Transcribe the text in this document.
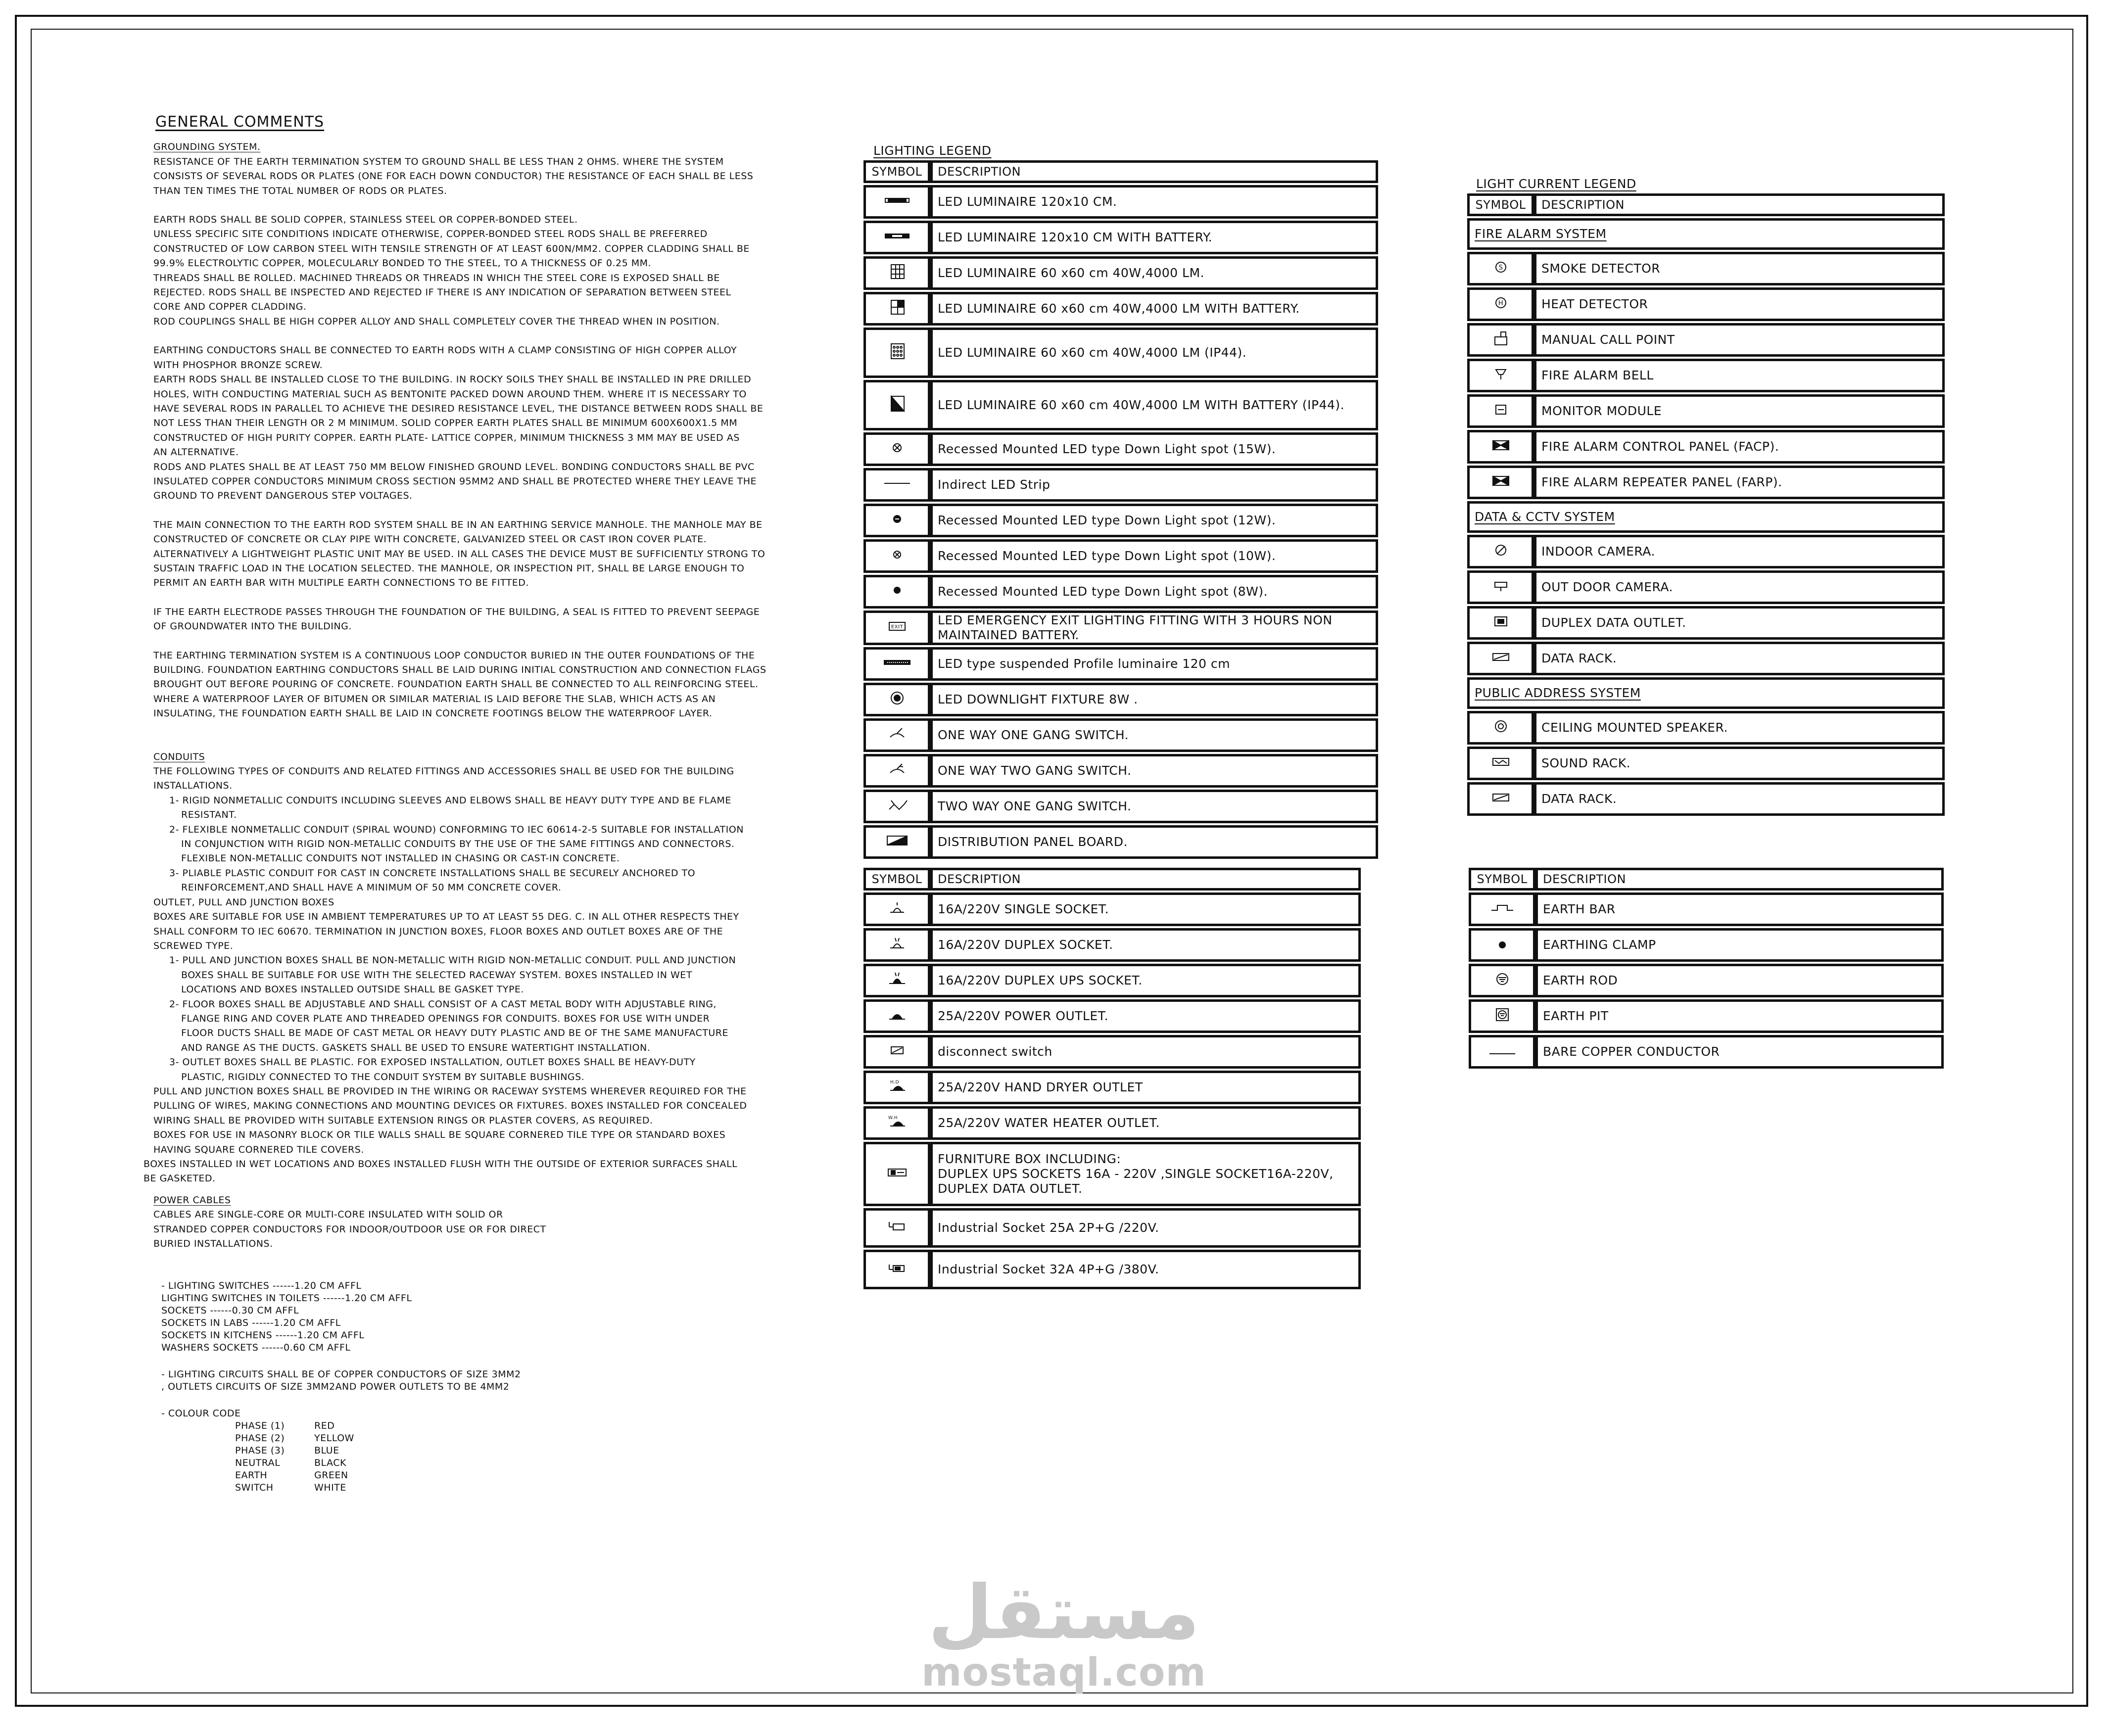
GENERAL COMMENTS
GROUNDING SYSTEM.

RESISTANCE OF THE EARTH TERMINATION SYSTEM TO GROUND SHALL BE LESS THAN 2 OHMS. WHERE THE SYSTEM

CONSISTS OF SEVERAL RODS OR PLATES (ONE FOR EACH DOWN CONDUCTOR) THE RESISTANCE OF EACH SHALL BE LESS

THAN TEN TIMES THE TOTAL NUMBER OF RODS OR PLATES.

EARTH RODS SHALL BE SOLID COPPER, STAINLESS STEEL OR COPPER-BONDED STEEL.

UNLESS SPECIFIC SITE CONDITIONS INDICATE OTHERWISE, COPPER-BONDED STEEL RODS SHALL BE PREFERRED

CONSTRUCTED OF LOW CARBON STEEL WITH TENSILE STRENGTH OF AT LEAST 600N/MM2. COPPER CLADDING SHALL BE

99.9% ELECTROLYTIC COPPER, MOLECULARLY BONDED TO THE STEEL, TO A THICKNESS OF 0.25 MM.

THREADS SHALL BE ROLLED. MACHINED THREADS OR THREADS IN WHICH THE STEEL CORE IS EXPOSED SHALL BE

REJECTED. RODS SHALL BE INSPECTED AND REJECTED IF THERE IS ANY INDICATION OF SEPARATION BETWEEN STEEL

CORE AND COPPER CLADDING.

ROD COUPLINGS SHALL BE HIGH COPPER ALLOY AND SHALL COMPLETELY COVER THE THREAD WHEN IN POSITION.

EARTHING CONDUCTORS SHALL BE CONNECTED TO EARTH RODS WITH A CLAMP CONSISTING OF HIGH COPPER ALLOY

WITH PHOSPHOR BRONZE SCREW.

EARTH RODS SHALL BE INSTALLED CLOSE TO THE BUILDING. IN ROCKY SOILS THEY SHALL BE INSTALLED IN PRE DRILLED

HOLES, WITH CONDUCTING MATERIAL SUCH AS BENTONITE PACKED DOWN AROUND THEM. WHERE IT IS NECESSARY TO

HAVE SEVERAL RODS IN PARALLEL TO ACHIEVE THE DESIRED RESISTANCE LEVEL, THE DISTANCE BETWEEN RODS SHALL BE

NOT LESS THAN THEIR LENGTH OR 2 M MINIMUM. SOLID COPPER EARTH PLATES SHALL BE MINIMUM 600X600X1.5 MM

CONSTRUCTED OF HIGH PURITY COPPER. EARTH PLATE- LATTICE COPPER, MINIMUM THICKNESS 3 MM MAY BE USED AS

AN ALTERNATIVE.

RODS AND PLATES SHALL BE AT LEAST 750 MM BELOW FINISHED GROUND LEVEL. BONDING CONDUCTORS SHALL BE PVC

INSULATED COPPER CONDUCTORS MINIMUM CROSS SECTION 95MM2 AND SHALL BE PROTECTED WHERE THEY LEAVE THE

GROUND TO PREVENT DANGEROUS STEP VOLTAGES.

THE MAIN CONNECTION TO THE EARTH ROD SYSTEM SHALL BE IN AN EARTHING SERVICE MANHOLE. THE MANHOLE MAY BE

CONSTRUCTED OF CONCRETE OR CLAY PIPE WITH CONCRETE, GALVANIZED STEEL OR CAST IRON COVER PLATE.

ALTERNATIVELY A LIGHTWEIGHT PLASTIC UNIT MAY BE USED. IN ALL CASES THE DEVICE MUST BE SUFFICIENTLY STRONG TO

SUSTAIN TRAFFIC LOAD IN THE LOCATION SELECTED. THE MANHOLE, OR INSPECTION PIT, SHALL BE LARGE ENOUGH TO

PERMIT AN EARTH BAR WITH MULTIPLE EARTH CONNECTIONS TO BE FITTED.

IF THE EARTH ELECTRODE PASSES THROUGH THE FOUNDATION OF THE BUILDING, A SEAL IS FITTED TO PREVENT SEEPAGE

OF GROUNDWATER INTO THE BUILDING.

THE EARTHING TERMINATION SYSTEM IS A CONTINUOUS LOOP CONDUCTOR BURIED IN THE OUTER FOUNDATIONS OF THE

BUILDING. FOUNDATION EARTHING CONDUCTORS SHALL BE LAID DURING INITIAL CONSTRUCTION AND CONNECTION FLAGS

BROUGHT OUT BEFORE POURING OF CONCRETE. FOUNDATION EARTH SHALL BE CONNECTED TO ALL REINFORCING STEEL.

WHERE A WATERPROOF LAYER OF BITUMEN OR SIMILAR MATERIAL IS LAID BEFORE THE SLAB, WHICH ACTS AS AN

INSULATING, THE FOUNDATION EARTH SHALL BE LAID IN CONCRETE FOOTINGS BELOW THE WATERPROOF LAYER.

CONDUITS

THE FOLLOWING TYPES OF CONDUITS AND RELATED FITTINGS AND ACCESSORIES SHALL BE USED FOR THE BUILDING

INSTALLATIONS.

1- RIGID NONMETALLIC CONDUITS INCLUDING SLEEVES AND ELBOWS SHALL BE HEAVY DUTY TYPE AND BE FLAME

RESISTANT.

2- FLEXIBLE NONMETALLIC CONDUIT (SPIRAL WOUND) CONFORMING TO IEC 60614-2-5 SUITABLE FOR INSTALLATION

IN CONJUNCTION WITH RIGID NON-METALLIC CONDUITS BY THE USE OF THE SAME FITTINGS AND CONNECTORS.

FLEXIBLE NON-METALLIC CONDUITS NOT INSTALLED IN CHASING OR CAST-IN CONCRETE.

3- PLIABLE PLASTIC CONDUIT FOR CAST IN CONCRETE INSTALLATIONS SHALL BE SECURELY ANCHORED TO

REINFORCEMENT,AND SHALL HAVE A MINIMUM OF 50 MM CONCRETE COVER.

OUTLET, PULL AND JUNCTION BOXES

BOXES ARE SUITABLE FOR USE IN AMBIENT TEMPERATURES UP TO AT LEAST 55 DEG. C. IN ALL OTHER RESPECTS THEY

SHALL CONFORM TO IEC 60670. TERMINATION IN JUNCTION BOXES, FLOOR BOXES AND OUTLET BOXES ARE OF THE

SCREWED TYPE.

1- PULL AND JUNCTION BOXES SHALL BE NON-METALLIC WITH RIGID NON-METALLIC CONDUIT. PULL AND JUNCTION

BOXES SHALL BE SUITABLE FOR USE WITH THE SELECTED RACEWAY SYSTEM. BOXES INSTALLED IN WET

LOCATIONS AND BOXES INSTALLED OUTSIDE SHALL BE GASKET TYPE.

2- FLOOR BOXES SHALL BE ADJUSTABLE AND SHALL CONSIST OF A CAST METAL BODY WITH ADJUSTABLE RING,

FLANGE RING AND COVER PLATE AND THREADED OPENINGS FOR CONDUITS. BOXES FOR USE WITH UNDER

FLOOR DUCTS SHALL BE MADE OF CAST METAL OR HEAVY DUTY PLASTIC AND BE OF THE SAME MANUFACTURE

AND RANGE AS THE DUCTS. GASKETS SHALL BE USED TO ENSURE WATERTIGHT INSTALLATION.

3- OUTLET BOXES SHALL BE PLASTIC. FOR EXPOSED INSTALLATION, OUTLET BOXES SHALL BE HEAVY-DUTY

PLASTIC, RIGIDLY CONNECTED TO THE CONDUIT SYSTEM BY SUITABLE BUSHINGS.

PULL AND JUNCTION BOXES SHALL BE PROVIDED IN THE WIRING OR RACEWAY SYSTEMS WHEREVER REQUIRED FOR THE

PULLING OF WIRES, MAKING CONNECTIONS AND MOUNTING DEVICES OR FIXTURES. BOXES INSTALLED FOR CONCEALED

WIRING SHALL BE PROVIDED WITH SUITABLE EXTENSION RINGS OR PLASTER COVERS, AS REQUIRED.

BOXES FOR USE IN MASONRY BLOCK OR TILE WALLS SHALL BE SQUARE CORNERED TILE TYPE OR STANDARD BOXES

HAVING SQUARE CORNERED TILE COVERS.

BOXES INSTALLED IN WET LOCATIONS AND BOXES INSTALLED FLUSH WITH THE OUTSIDE OF EXTERIOR SURFACES SHALL

BE GASKETED.

POWER CABLES

CABLES ARE SINGLE-CORE OR MULTI-CORE INSULATED WITH SOLID OR

STRANDED COPPER CONDUCTORS FOR INDOOR/OUTDOOR USE OR FOR DIRECT

BURIED INSTALLATIONS.

- LIGHTING SWITCHES ------1.20 CM AFFL

LIGHTING SWITCHES IN TOILETS ------1.20 CM AFFL

SOCKETS ------0.30 CM AFFL

SOCKETS IN LABS ------1.20 CM AFFL

SOCKETS IN KITCHENS ------1.20 CM AFFL

WASHERS SOCKETS ------0.60 CM AFFL

- LIGHTING CIRCUITS SHALL BE OF COPPER CONDUCTORS OF SIZE 3MM2

, OUTLETS CIRCUITS OF SIZE 3MM2AND POWER OUTLETS TO BE 4MM2

- COLOUR CODE
PHASE (1)	RED
PHASE (2)	YELLOW
PHASE (3)	BLUE
NEUTRAL	BLACK
EARTH	GREEN
SWITCH	WHITE
LIGHTING LEGEND
SYMBOL	DESCRIPTION
	LED LUMINAIRE 120x10 CM.
	LED LUMINAIRE 120x10 CM WITH BATTERY.
	LED LUMINAIRE 60 x60 cm 40W,4000 LM.
	LED LUMINAIRE 60 x60 cm 40W,4000 LM WITH BATTERY.
	LED LUMINAIRE 60 x60 cm 40W,4000 LM (IP44).
	LED LUMINAIRE 60 x60 cm 40W,4000 LM WITH BATTERY (IP44).
	Recessed Mounted LED type Down Light spot (15W).
	Indirect LED Strip
	Recessed Mounted LED type Down Light spot (12W).
	Recessed Mounted LED type Down Light spot (10W).
	Recessed Mounted LED type Down Light spot (8W).

EXIT	LED EMERGENCY EXIT LIGHTING FITTING WITH 3 HOURS NON
MAINTAINED BATTERY.
	LED type suspended Profile luminaire 120 cm
	LED DOWNLIGHT FIXTURE 8W .
	ONE WAY ONE GANG SWITCH.
	ONE WAY TWO GANG SWITCH.
	TWO WAY ONE GANG SWITCH.
	DISTRIBUTION PANEL BOARD.
LIGHT CURRENT LEGEND
SYMBOL	DESCRIPTION
FIRE ALARM SYSTEM	

S	SMOKE DETECTOR

H	HEAT DETECTOR
	MANUAL CALL POINT
	FIRE ALARM BELL
	MONITOR MODULE
	FIRE ALARM CONTROL PANEL (FACP).
	FIRE ALARM REPEATER PANEL (FARP).
DATA & CCTV SYSTEM	
	INDOOR CAMERA.
	OUT DOOR CAMERA.
	DUPLEX DATA OUTLET.
	DATA RACK.
PUBLIC ADDRESS SYSTEM	
	CEILING MOUNTED SPEAKER.
	SOUND RACK.
	DATA RACK.
SYMBOL	DESCRIPTION
	16A/220V SINGLE SOCKET.
	16A/220V DUPLEX SOCKET.
	16A/220V DUPLEX UPS SOCKET.
	25A/220V POWER OUTLET.
	disconnect switch

H.D	25A/220V HAND DRYER OUTLET

W.H	25A/220V WATER HEATER OUTLET.
	FURNITURE BOX INCLUDING:
DUPLEX UPS SOCKETS 16A - 220V ,SINGLE SOCKET16A-220V,
DUPLEX DATA OUTLET.
	Industrial Socket 25A 2P+G /220V.
	Industrial Socket 32A 4P+G /380V.
SYMBOL	DESCRIPTION
	EARTH BAR
	EARTHING CLAMP
	EARTH ROD
	EARTH PIT
	BARE COPPER CONDUCTOR
مستقل
mostaql.com
